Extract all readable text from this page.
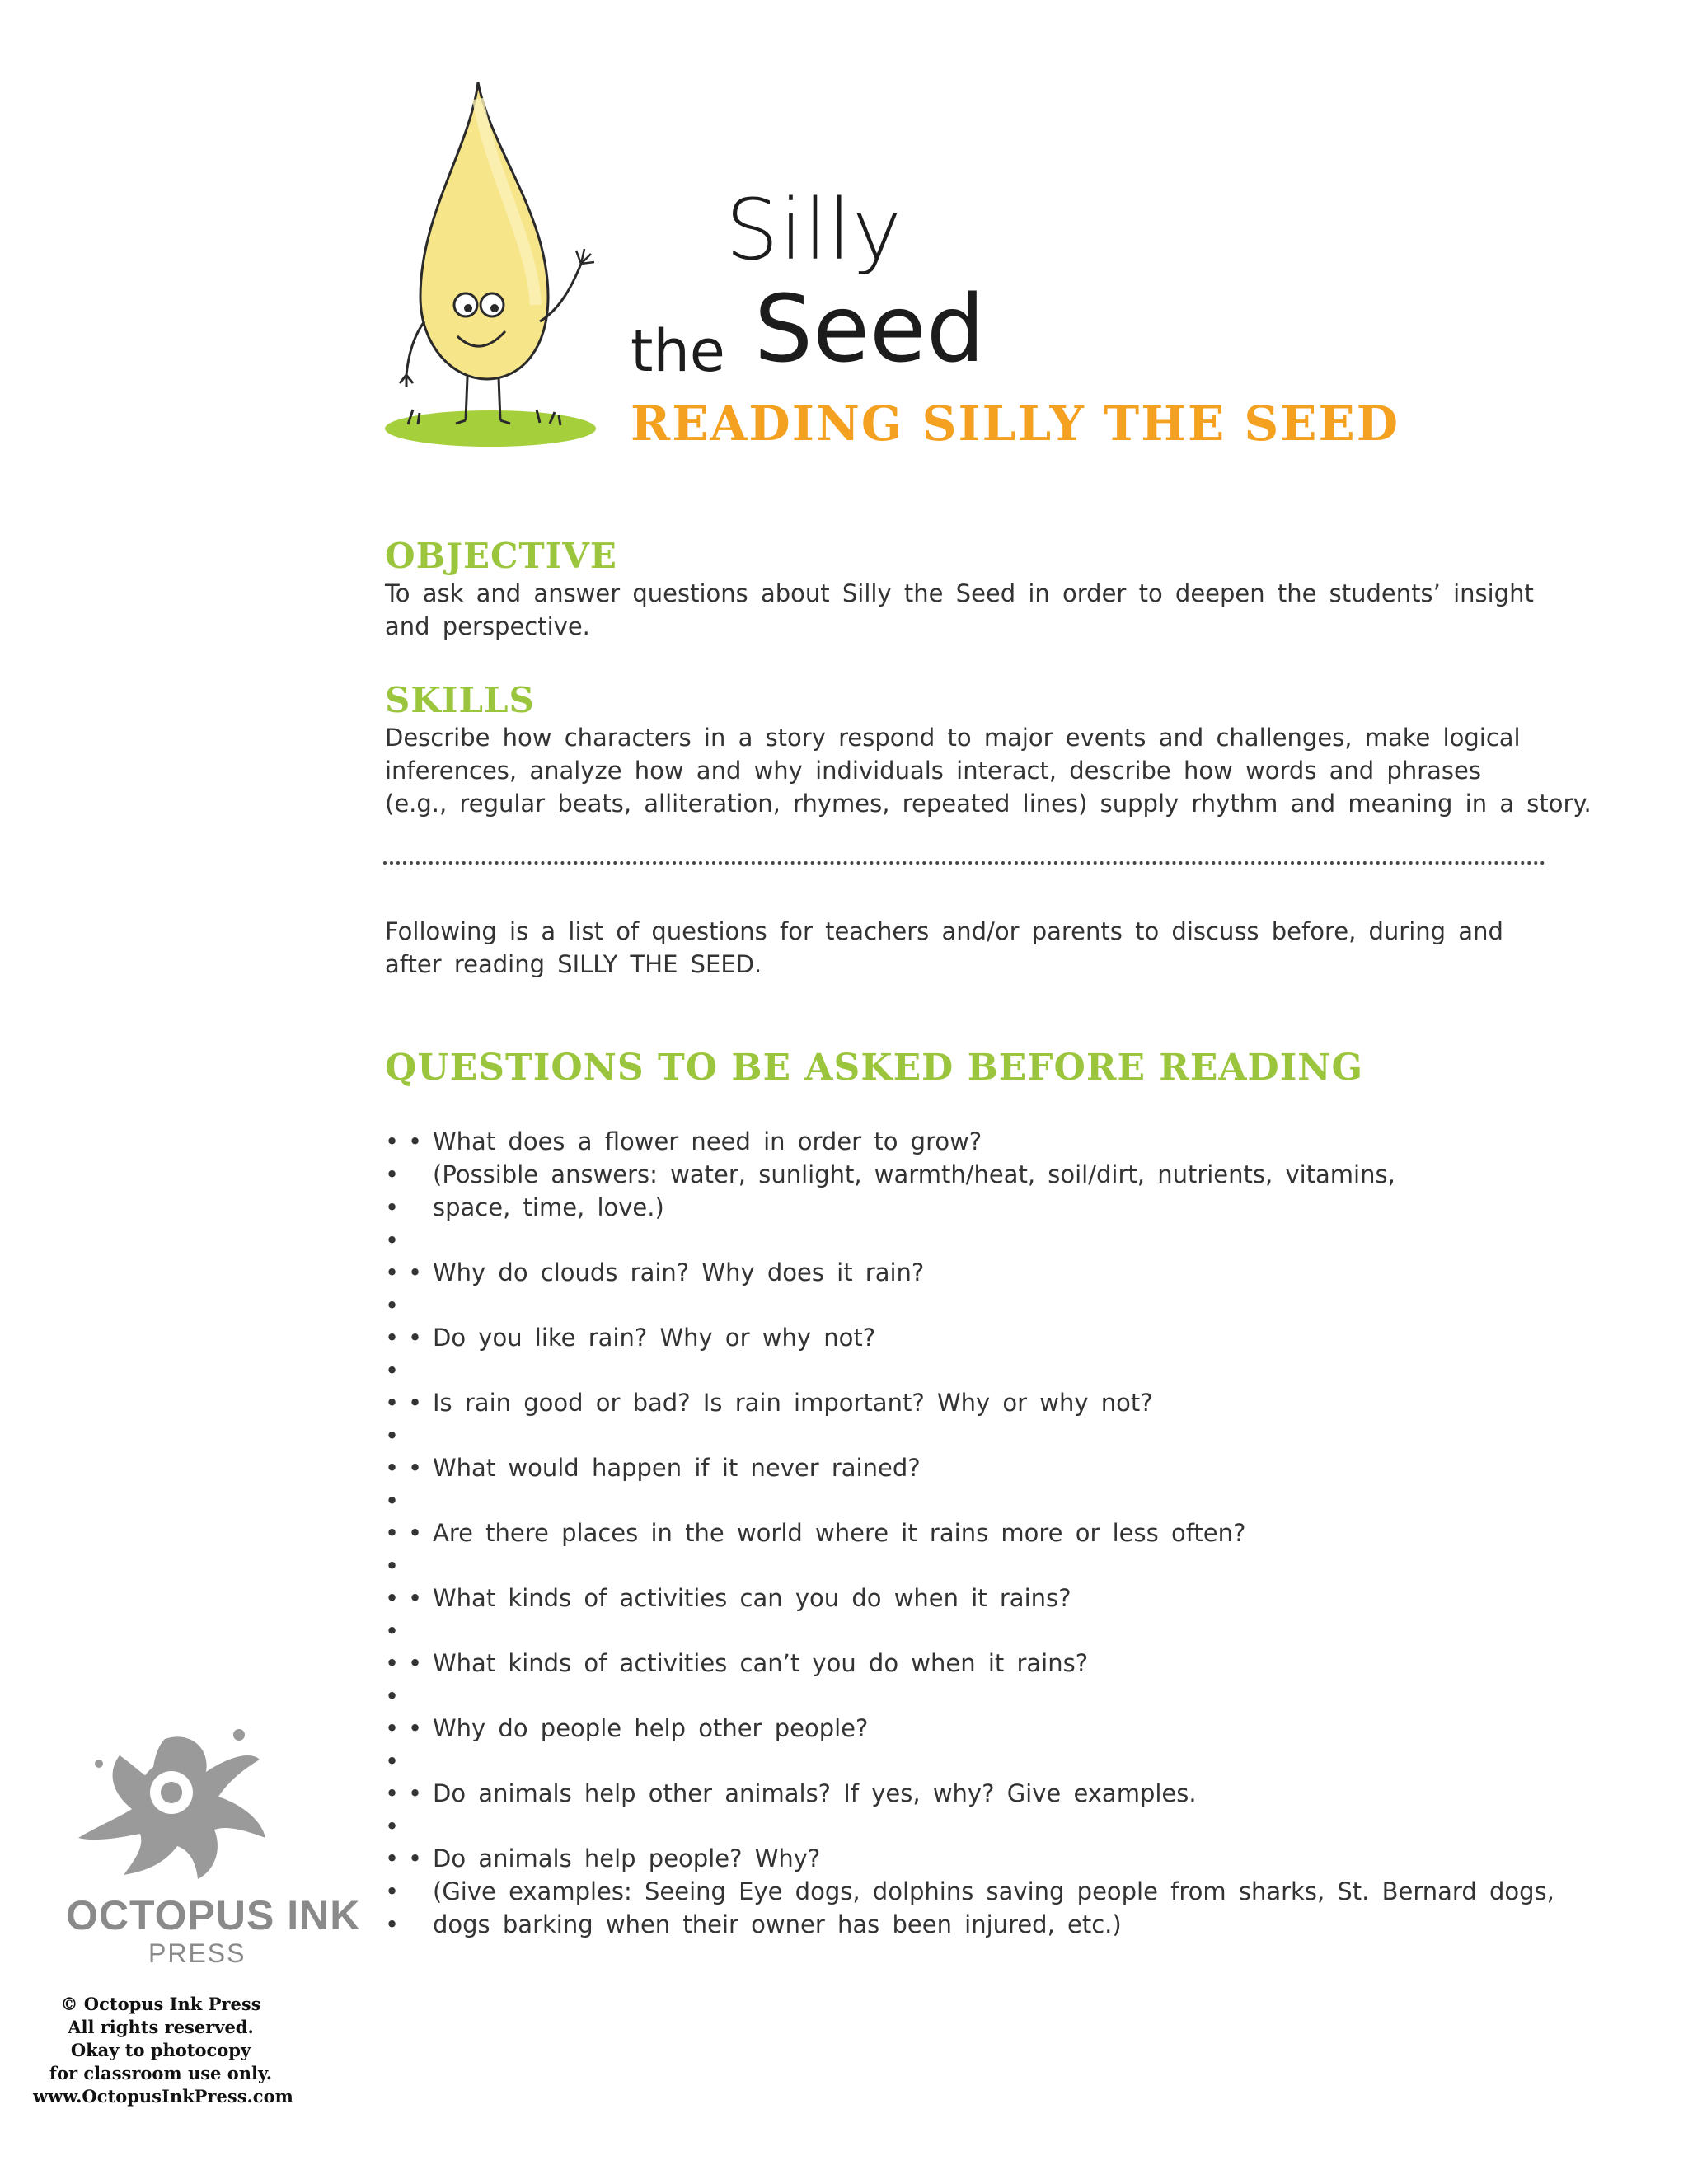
Silly
the Seed
READING SILLY THE SEED
OBJECTIVE
To ask and answer questions about Silly the Seed in order to deepen the students’ insight
and perspective.
SKILLS
Describe how characters in a story respond to major events and challenges, make logical
inferences, analyze how and why individuals interact, describe how words and phrases
(e.g., regular beats, alliteration, rhymes, repeated lines) supply rhythm and meaning in a story.
Following is a list of questions for teachers and/or parents to discuss before, during and
after reading SILLY THE SEED.
QUESTIONS TO BE ASKED BEFORE READING
• • What does a flower need in order to grow?
• (Possible answers: water, sunlight, warmth/heat, soil/dirt, nutrients, vitamins,
• space, time, love.)
•
• • Why do clouds rain? Why does it rain?
•
• • Do you like rain? Why or why not?
•
• • Is rain good or bad? Is rain important? Why or why not?
•
• • What would happen if it never rained?
•
• • Are there places in the world where it rains more or less often?
•
• • What kinds of activities can you do when it rains?
•
• • What kinds of activities can’t you do when it rains?
•
• • Why do people help other people?
•
• • Do animals help other animals? If yes, why? Give examples.
•
• • Do animals help people? Why?
• (Give examples: Seeing Eye dogs, dolphins saving people from sharks, St. Bernard dogs,
• dogs barking when their owner has been injured, etc.)
OCTOPUS INK
PRESS
© Octopus Ink Press
All rights reserved.
Okay to photocopy
for classroom use only.
www.OctopusInkPress.com
